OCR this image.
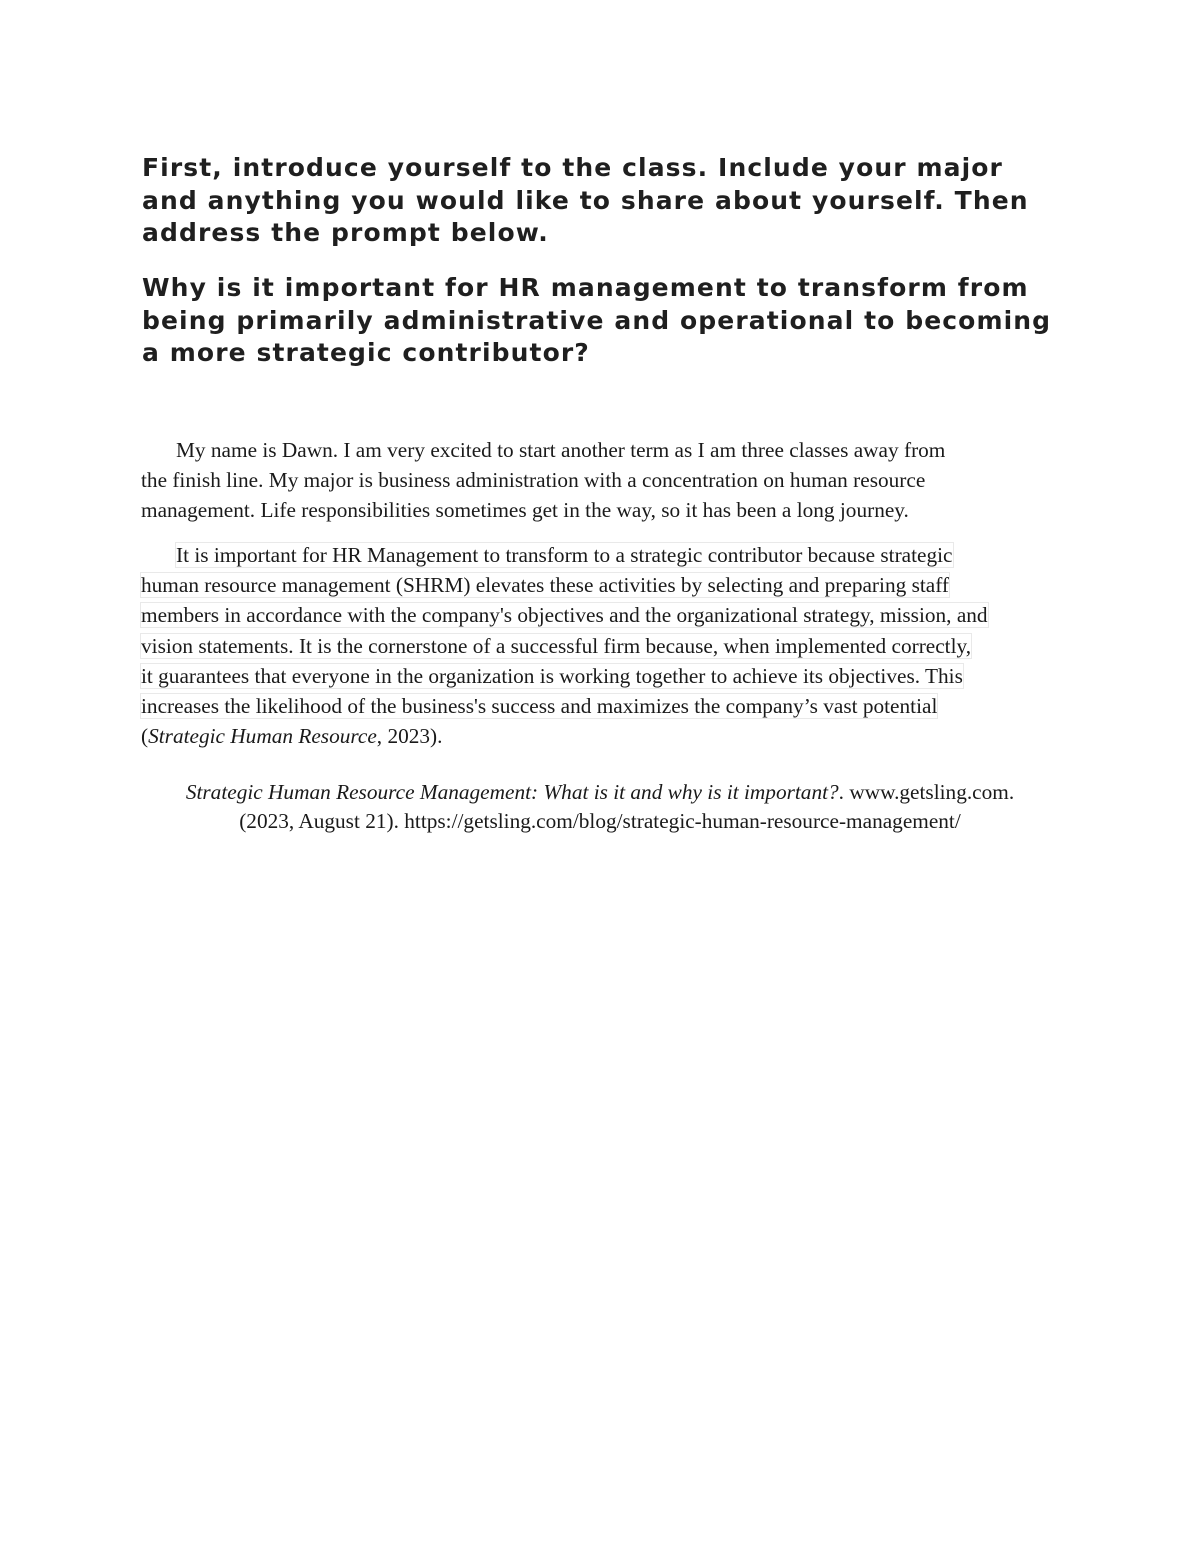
First, introduce yourself to the class. Include your major and anything you would like to share about yourself. Then address the prompt below.

Why is it important for HR management to transform from being primarily administrative and operational to becoming a more strategic contributor?

My name is Dawn. I am very excited to start another term as I am three classes away from
the finish line. My major is business administration with a concentration on human resource
management. Life responsibilities sometimes get in the way, so it has been a long journey.
It is important for HR Management to transform to a strategic contributor because strategic
human resource management (SHRM) elevates these activities by selecting and preparing staff
members in accordance with the company's objectives and the organizational strategy, mission, and
vision statements. It is the cornerstone of a successful firm because, when implemented correctly,
it guarantees that everyone in the organization is working together to achieve its objectives. This
increases the likelihood of the business's success and maximizes the company’s vast potential
(Strategic Human Resource, 2023).
Strategic Human Resource Management: What is it and why is it important?. www.getsling.com.
(2023, August 21). https://getsling.com/blog/strategic-human-resource-management/
